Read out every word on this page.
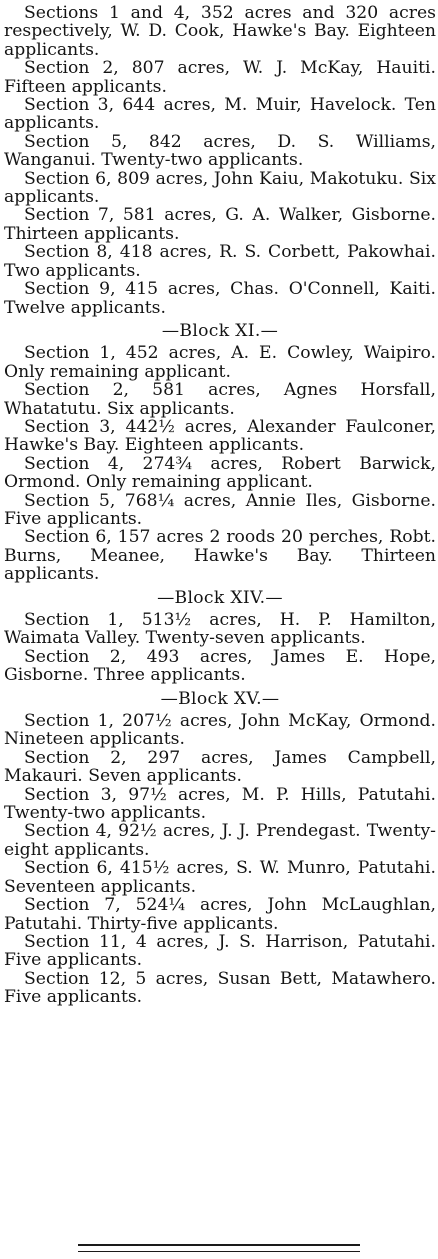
Sections 1 and 4, 352 acres and 320 acres respectively, W. D. Cook, Hawke's Bay. Eighteen applicants.

Section 2, 807 acres, W. J. McKay, Hauiti. Fifteen applicants.

Section 3, 644 acres, M. Muir, Havelock. Ten applicants.

Section 5, 842 acres, D. S. Williams, Wanganui. Twenty-two applicants.

Section 6, 809 acres, John Kaiu, Makotuku. Six applicants.

Section 7, 581 acres, G. A. Walker, Gisborne. Thirteen applicants.

Section 8, 418 acres, R. S. Corbett, Pakowhai. Two applicants.

Section 9, 415 acres, Chas. O'Connell, Kaiti. Twelve applicants.

—Block XI.—

Section 1, 452 acres, A. E. Cowley, Waipiro. Only remaining applicant.

Section 2, 581 acres, Agnes Horsfall, Whatatutu. Six applicants.

Section 3, 442½ acres, Alexander Faulconer, Hawke's Bay. Eighteen applicants.

Section 4, 274¾ acres, Robert Barwick, Ormond. Only remaining applicant.

Section 5, 768¼ acres, Annie Iles, Gisborne. Five applicants.

Section 6, 157 acres 2 roods 20 perches, Robt. Burns, Meanee, Hawke's Bay. Thirteen applicants.

—Block XIV.—

Section 1, 513½ acres, H. P. Hamilton, Waimata Valley. Twenty-seven applicants.

Section 2, 493 acres, James E. Hope, Gisborne. Three applicants.

—Block XV.—

Section 1, 207½ acres, John McKay, Ormond. Nineteen applicants.

Section 2, 297 acres, James Campbell, Makauri. Seven applicants.

Section 3, 97½ acres, M. P. Hills, Patutahi. Twenty-two applicants.

Section 4, 92½ acres, J. J. Prendegast. Twenty-eight applicants.

Section 6, 415½ acres, S. W. Munro, Patutahi. Seventeen applicants.

Section 7, 524¼ acres, John McLaughlan, Patutahi. Thirty-five applicants.

Section 11, 4 acres, J. S. Harrison, Patutahi. Five applicants.

Section 12, 5 acres, Susan Bett, Matawhero. Five applicants.
